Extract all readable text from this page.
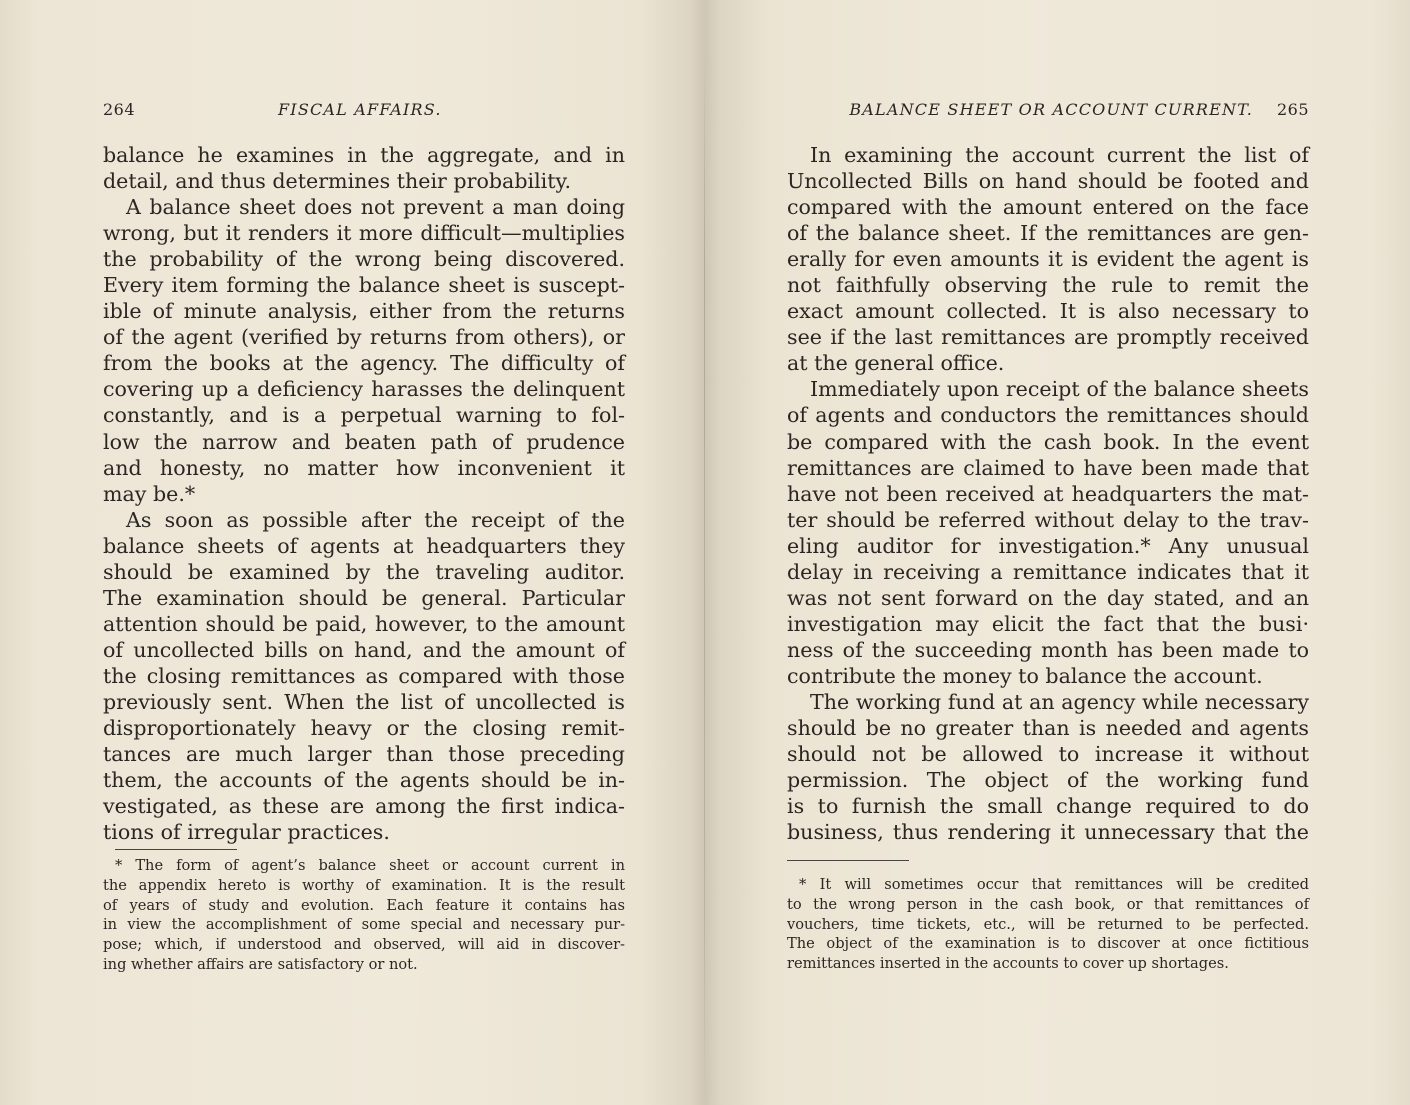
264	FISCAL AFFAIRS.
balance he examines in the aggregate, and in
detail, and thus determines their probability.
A balance sheet does not prevent a man doing
wrong, but it renders it more difficult—multiplies
the probability of the wrong being discovered.
Every item forming the balance sheet is suscept-
ible of minute analysis, either from the returns
of the agent (verified by returns from others), or
from the books at the agency. The difficulty of
covering up a deficiency harasses the delinquent
constantly, and is a perpetual warning to fol-
low the narrow and beaten path of prudence
and honesty, no matter how inconvenient it
may be.*
As soon as possible after the receipt of the
balance sheets of agents at headquarters they
should be examined by the traveling auditor.
The examination should be general. Particular
attention should be paid, however, to the amount
of uncollected bills on hand, and the amount of
the closing remittances as compared with those
previously sent. When the list of uncollected is
disproportionately heavy or the closing remit-
tances are much larger than those preceding
them, the accounts of the agents should be in-
vestigated, as these are among the first indica-
tions of irregular practices.
* The form of agent’s balance sheet or account current in
the appendix hereto is worthy of examination. It is the result
of years of study and evolution. Each feature it contains has
in view the accomplishment of some special and necessary pur-
pose; which, if understood and observed, will aid in discover-
ing whether affairs are satisfactory or not.
BALANCE SHEET OR ACCOUNT CURRENT. 265
In examining the account current the list of
Uncollected Bills on hand should be footed and
compared with the amount entered on the face
of the balance sheet. If the remittances are gen-
erally for even amounts it is evident the agent is
not faithfully observing the rule to remit the
exact amount collected. It is also necessary to
see if the last remittances are promptly received
at the general office.
Immediately upon receipt of the balance sheets
of agents and conductors the remittances should
be compared with the cash book. In the event
remittances are claimed to have been made that
have not been received at headquarters the mat-
ter should be referred without delay to the trav-
eling auditor for investigation.* Any unusual
delay in receiving a remittance indicates that it
was not sent forward on the day stated, and an
investigation may elicit the fact that the busi·
ness of the succeeding month has been made to
contribute the money to balance the account.
The working fund at an agency while necessary
should be no greater than is needed and agents
should not be allowed to increase it without
permission. The object of the working fund
is to furnish the small change required to do
business, thus rendering it unnecessary that the
* It will sometimes occur that remittances will be credited
to the wrong person in the cash book, or that remittances of
vouchers, time tickets, etc., will be returned to be perfected.
The object of the examination is to discover at once fictitious
remittances inserted in the accounts to cover up shortages.
